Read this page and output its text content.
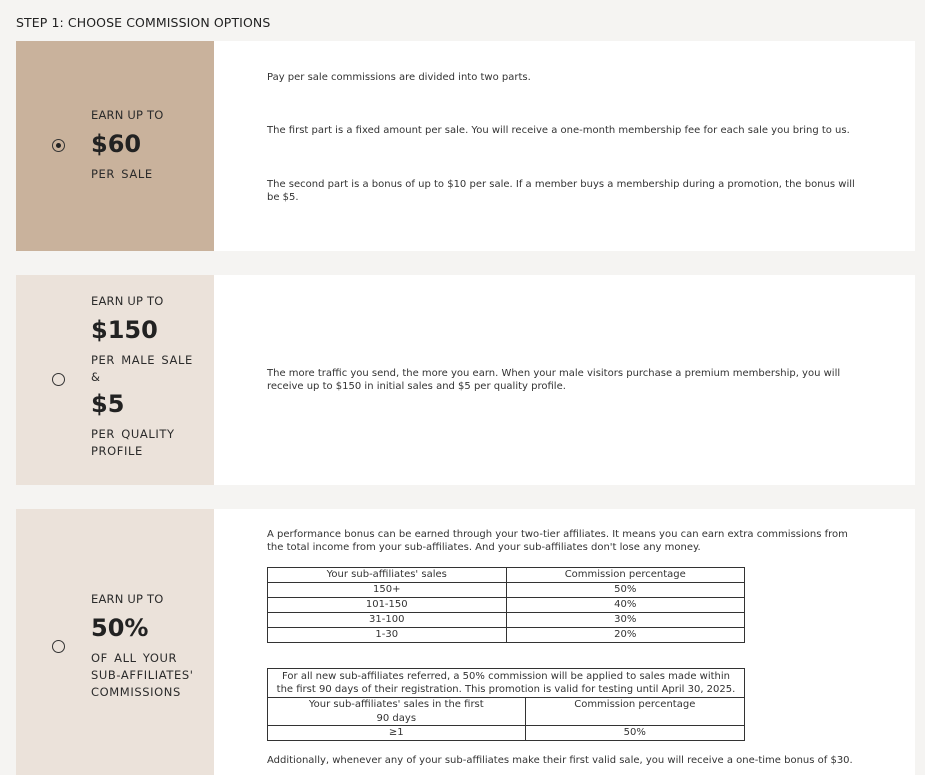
STEP 1: CHOOSE COMMISSION OPTIONS
EARN UP TO
$60
PER SALE
Pay per sale commissions are divided into two parts.
The first part is a fixed amount per sale. You will receive a one-month membership fee for each sale you bring to us.
The second part is a bonus of up to $10 per sale. If a member buys a membership during a promotion, the bonus will be $5.
EARN UP TO
$150
PER MALE SALE
&
$5
PER QUALITY PROFILE
The more traffic you send, the more you earn. When your male visitors purchase a premium membership, you will receive up to $150 in initial sales and $5 per quality profile.
EARN UP TO
50%
OF ALL YOUR SUB-AFFILIATES' COMMISSIONS
A performance bonus can be earned through your two-tier affiliates. It means you can earn extra commissions from the total income from your sub-affiliates. And your sub-affiliates don't lose any money.
Your sub-affiliates' sales	Commission percentage
150+	50%
101-150	40%
31-100	30%
1-30	20%
For all new sub-affiliates referred, a 50% commission will be applied to sales made within the first 90 days of their registration. This promotion is valid for testing until April 30, 2025.	
Your sub-affiliates' sales in the first 90 days	Commission percentage
≥1	50%
Additionally, whenever any of your sub-affiliates make their first valid sale, you will receive a one-time bonus of $30.
